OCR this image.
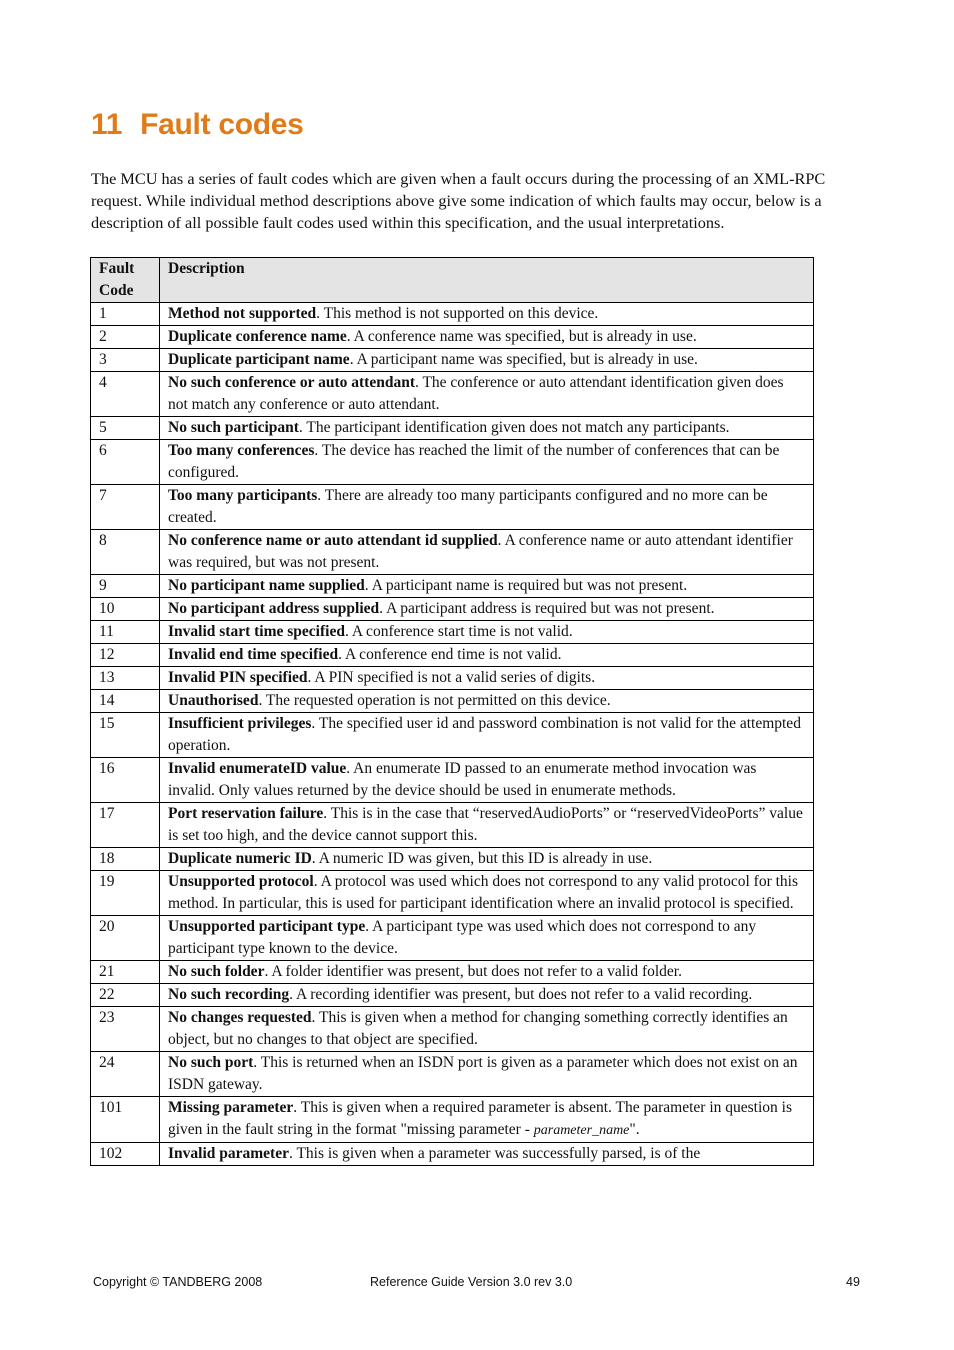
11 Fault codes

The MCU has a series of fault codes which are given when a fault occurs during the processing of an XML-RPC request. While individual method descriptions above give some indication of which faults may occur, below is a description of all possible fault codes used within this specification, and the usual interpretations.

Fault
Code	Description
1	Method not supported. This method is not supported on this device.
2	Duplicate conference name. A conference name was specified, but is already in use.
3	Duplicate participant name. A participant name was specified, but is already in use.
4	No such conference or auto attendant. The conference or auto attendant identification given does not match any conference or auto attendant.
5	No such participant. The participant identification given does not match any participants.
6	Too many conferences. The device has reached the limit of the number of conferences that can be configured.
7	Too many participants. There are already too many participants configured and no more can be created.
8	No conference name or auto attendant id supplied. A conference name or auto attendant identifier was required, but was not present.
9	No participant name supplied. A participant name is required but was not present.
10	No participant address supplied. A participant address is required but was not present.
11	Invalid start time specified. A conference start time is not valid.
12	Invalid end time specified. A conference end time is not valid.
13	Invalid PIN specified. A PIN specified is not a valid series of digits.
14	Unauthorised. The requested operation is not permitted on this device.
15	Insufficient privileges. The specified user id and password combination is not valid for the attempted operation.
16	Invalid enumerateID value. An enumerate ID passed to an enumerate method invocation was invalid. Only values returned by the device should be used in enumerate methods.
17	Port reservation failure. This is in the case that “reservedAudioPorts” or “reservedVideoPorts” value is set too high, and the device cannot support this.
18	Duplicate numeric ID. A numeric ID was given, but this ID is already in use.
19	Unsupported protocol. A protocol was used which does not correspond to any valid protocol for this method. In particular, this is used for participant identification where an invalid protocol is specified.
20	Unsupported participant type. A participant type was used which does not correspond to any participant type known to the device.
21	No such folder. A folder identifier was present, but does not refer to a valid folder.
22	No such recording. A recording identifier was present, but does not refer to a valid recording.
23	No changes requested. This is given when a method for changing something correctly identifies an object, but no changes to that object are specified.
24	No such port. This is returned when an ISDN port is given as a parameter which does not exist on an ISDN gateway.
101	Missing parameter. This is given when a required parameter is absent. The parameter in question is given in the fault string in the format "missing parameter - parameter_name".
102	Invalid parameter. This is given when a parameter was successfully parsed, is of the
Copyright © TANDBERG 2008	Reference Guide Version 3.0 rev 3.0	49
